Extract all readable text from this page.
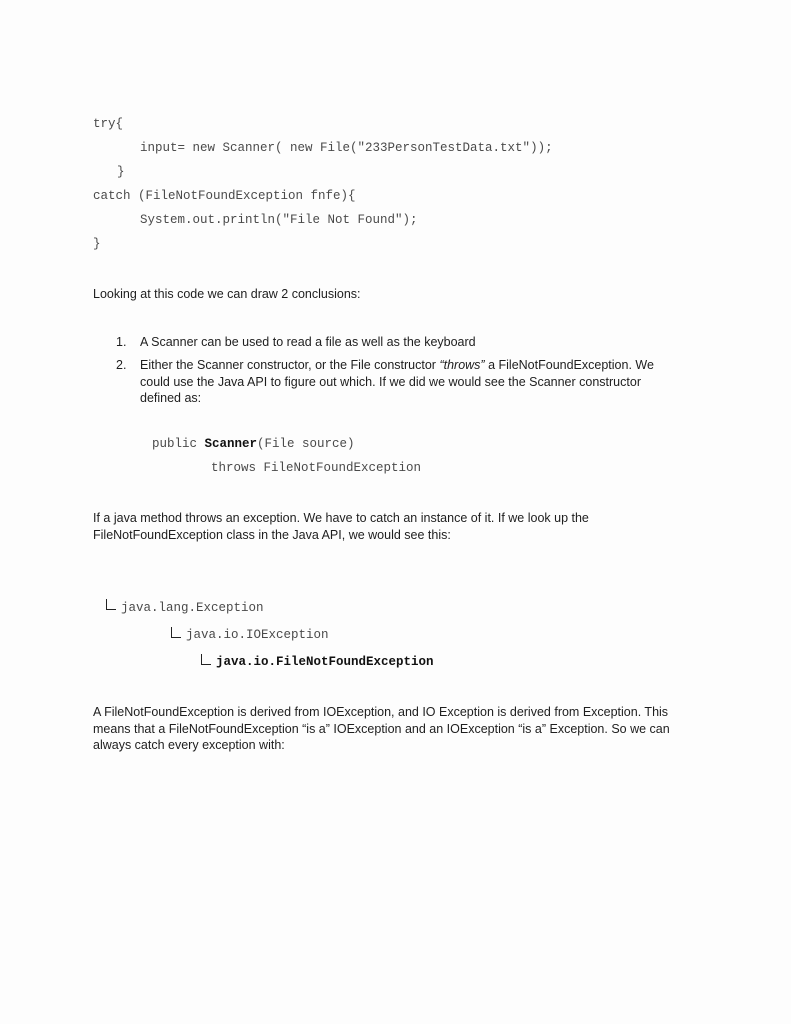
try{
input= new Scanner( new File("233PersonTestData.txt"));
}
catch (FileNotFoundException fnfe){
System.out.println("File Not Found");
}
Looking at this code we can draw 2 conclusions:
1. A Scanner can be used to read a file as well as the keyboard
2. Either the Scanner constructor, or the File constructor “throws” a FileNotFoundException. We could use the Java API to figure out which. If we did we would see the Scanner constructor defined as:
public Scanner(File source)
throws FileNotFoundException
If a java method throws an exception. We have to catch an instance of it. If we look up the FileNotFoundException class in the Java API, we would see this:
java.lang.Exception
java.io.IOException
java.io.FileNotFoundException
A FileNotFoundException is derived from IOException, and IO Exception is derived from Exception. This means that a FileNotFoundException “is a” IOException and an IOException “is a” Exception. So we can always catch every exception with:
